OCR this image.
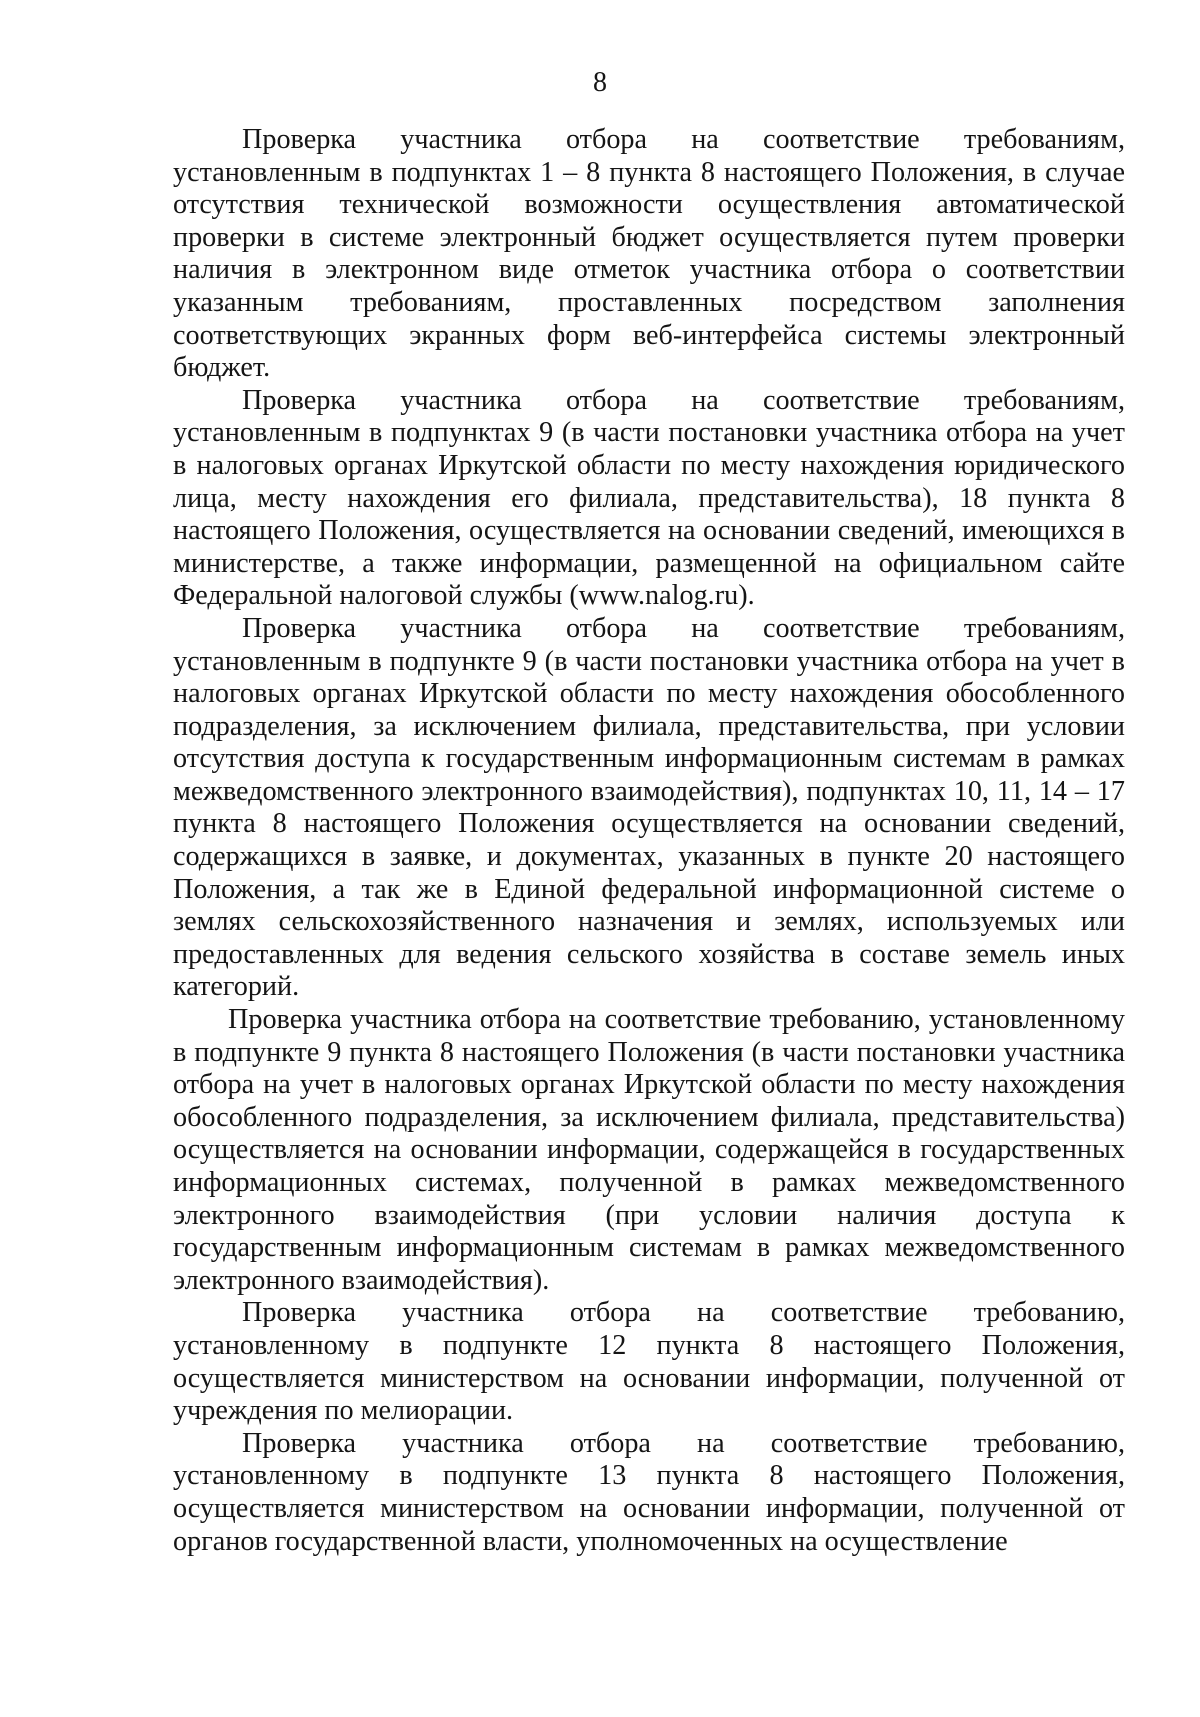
8

Проверка участника отбора на соответствие требованиям, установленным в подпунктах 1 – 8 пункта 8 настоящего Положения, в случае отсутствия технической возможности осуществления автоматической проверки в системе электронный бюджет осуществляется путем проверки наличия в электронном виде отметок участника отбора о соответствии указанным требованиям, проставленных посредством заполнения соответствующих экранных форм веб-интерфейса системы электронный бюджет.

Проверка участника отбора на соответствие требованиям, установленным в подпунктах 9 (в части постановки участника отбора на учет в налоговых органах Иркутской области по месту нахождения юридического лица, месту нахождения его филиала, представительства), 18 пункта 8 настоящего Положения, осуществляется на основании сведений, имеющихся в министерстве, а также информации, размещенной на официальном сайте Федеральной налоговой службы (www.nalog.ru).

Проверка участника отбора на соответствие требованиям, установленным в подпункте 9 (в части постановки участника отбора на учет в налоговых органах Иркутской области по месту нахождения обособленного подразделения, за исключением филиала, представительства, при условии отсутствия доступа к государственным информационным системам в рамках межведомственного электронного взаимодействия), подпунктах 10, 11, 14 – 17 пункта 8 настоящего Положения осуществляется на основании сведений, содержащихся в заявке, и документах, указанных в пункте 20 настоящего Положения, а так же в Единой федеральной информационной системе о землях сельскохозяйственного назначения и землях, используемых или предоставленных для ведения сельского хозяйства в составе земель иных категорий.

Проверка участника отбора на соответствие требованию, установленному в подпункте 9 пункта 8 настоящего Положения (в части постановки участника отбора на учет в налоговых органах Иркутской области по месту нахождения обособленного подразделения, за исключением филиала, представительства) осуществляется на основании информации, содержащейся в государственных информационных системах, полученной в рамках межведомственного электронного взаимодействия (при условии наличия доступа к государственным информационным системам в рамках межведомственного электронного взаимодействия).

Проверка участника отбора на соответствие требованию, установленному в подпункте 12 пункта 8 настоящего Положения, осуществляется министерством на основании информации, полученной от учреждения по мелиорации.

Проверка участника отбора на соответствие требованию, установленному в подпункте 13 пункта 8 настоящего Положения, осуществляется министерством на основании информации, полученной от органов государственной власти, уполномоченных на осуществление
